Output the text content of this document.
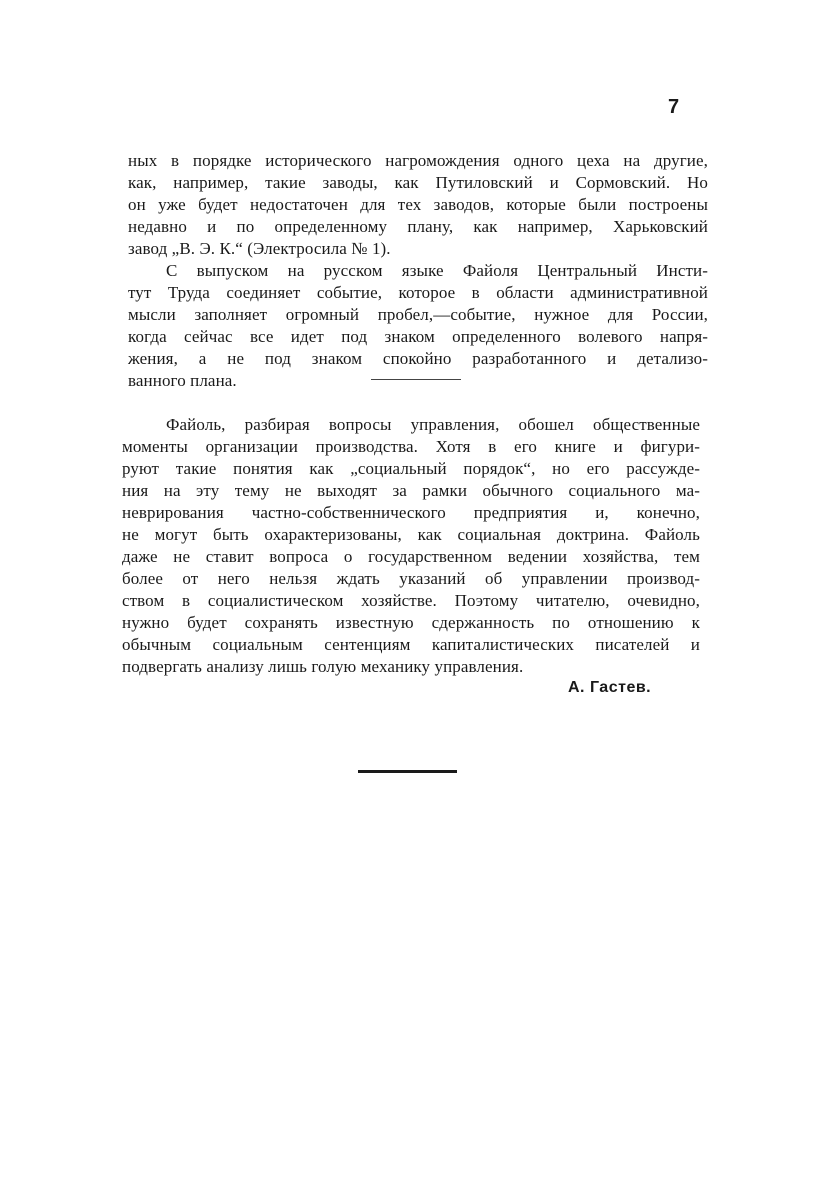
7
ных в порядке исторического нагромождения одного цеха на другие,
как, например, такие заводы, как Путиловский и Сормовский. Но
он уже будет недостаточен для тех заводов, которые были построены
недавно и по определенному плану, как например, Харьковский
завод „В. Э. К.“ (Электросила № 1).
С выпуском на русском языке Файоля Центральный Инсти-
тут Труда соединяет событие, которое в области административной
мысли заполняет огромный пробел,—событие, нужное для России,
когда сейчас все идет под знаком определенного волевого напря-
жения, а не под знаком спокойно разработанного и детализо-
ванного плана.
Файоль, разбирая вопросы управления, обошел общественные
моменты организации производства. Хотя в его книге и фигури-
руют такие понятия как „социальный порядок“, но его рассужде-
ния на эту тему не выходят за рамки обычного социального ма-
неврирования частно-собственнического предприятия и, конечно,
не могут быть охарактеризованы, как социальная доктрина. Файоль
даже не ставит вопроса о государственном ведении хозяйства, тем
более от него нельзя ждать указаний об управлении производ-
ством в социалистическом хозяйстве. Поэтому читателю, очевидно,
нужно будет сохранять известную сдержанность по отношению к
обычным социальным сентенциям капиталистических писателей и
подвергать анализу лишь голую механику управления.
А. Гастев.
